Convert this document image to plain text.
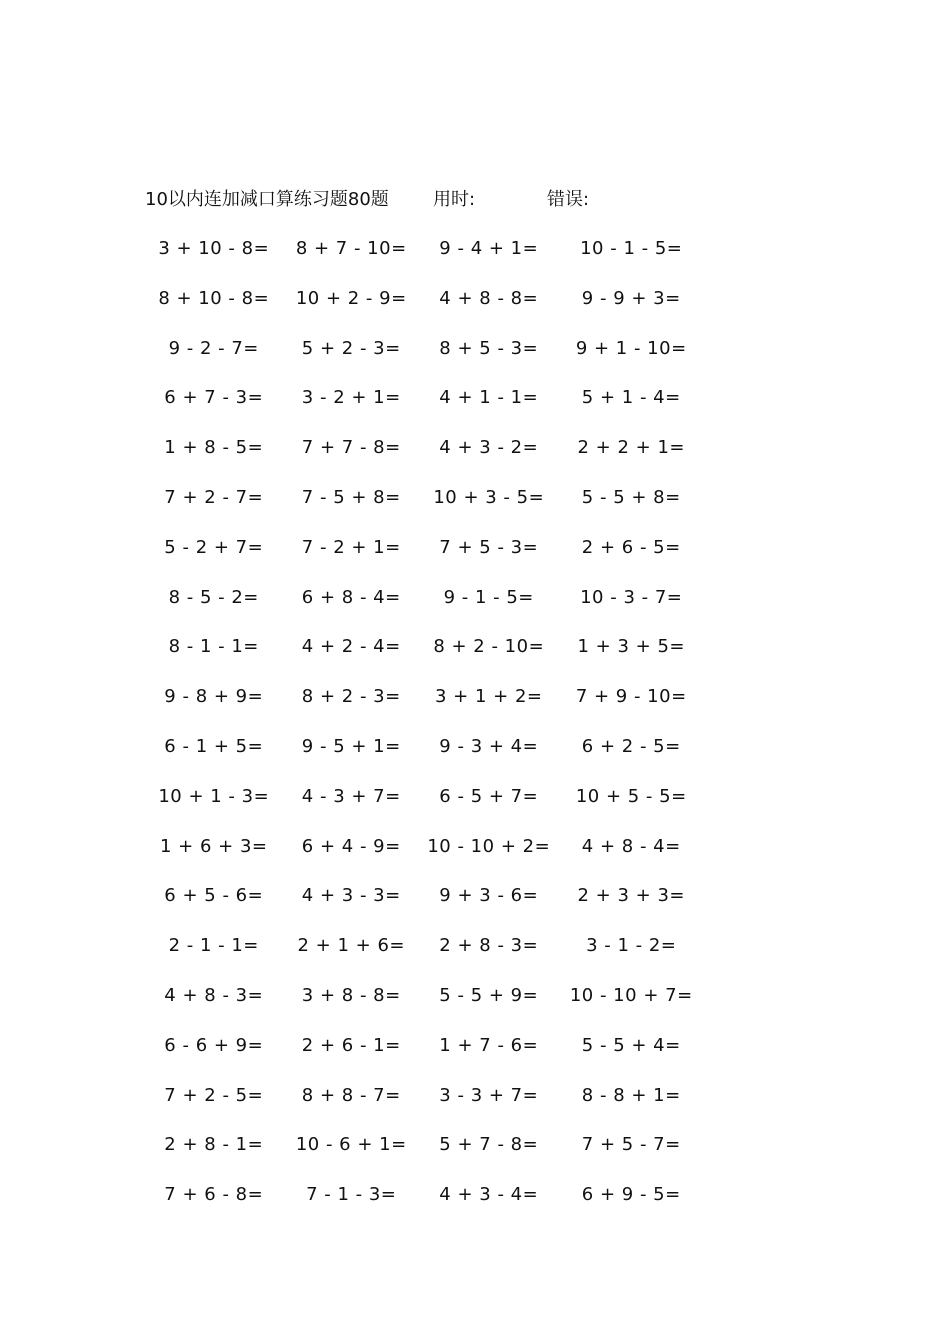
10以内连加减口算练习题80题 用时:	错误:
3 + 10 - 8=	8 + 7 - 10=	9 - 4 + 1=	10 - 1 - 5=
8 + 10 - 8=	10 + 2 - 9=	4 + 8 - 8=	9 - 9 + 3=
9 - 2 - 7=	5 + 2 - 3=	8 + 5 - 3=	9 + 1 - 10=
6 + 7 - 3=	3 - 2 + 1=	4 + 1 - 1=	5 + 1 - 4=
1 + 8 - 5=	7 + 7 - 8=	4 + 3 - 2=	2 + 2 + 1=
7 + 2 - 7=	7 - 5 + 8=	10 + 3 - 5=	5 - 5 + 8=
5 - 2 + 7=	7 - 2 + 1=	7 + 5 - 3=	2 + 6 - 5=
8 - 5 - 2=	6 + 8 - 4=	9 - 1 - 5=	10 - 3 - 7=
8 - 1 - 1=	4 + 2 - 4=	8 + 2 - 10=	1 + 3 + 5=
9 - 8 + 9=	8 + 2 - 3=	3 + 1 + 2=	7 + 9 - 10=
6 - 1 + 5=	9 - 5 + 1=	9 - 3 + 4=	6 + 2 - 5=
10 + 1 - 3=	4 - 3 + 7=	6 - 5 + 7=	10 + 5 - 5=
1 + 6 + 3=	6 + 4 - 9=	10 - 10 + 2=	4 + 8 - 4=
6 + 5 - 6=	4 + 3 - 3=	9 + 3 - 6=	2 + 3 + 3=
2 - 1 - 1=	2 + 1 + 6=	2 + 8 - 3=	3 - 1 - 2=
4 + 8 - 3=	3 + 8 - 8=	5 - 5 + 9=	10 - 10 + 7=
6 - 6 + 9=	2 + 6 - 1=	1 + 7 - 6=	5 - 5 + 4=
7 + 2 - 5=	8 + 8 - 7=	3 - 3 + 7=	8 - 8 + 1=
2 + 8 - 1=	10 - 6 + 1=	5 + 7 - 8=	7 + 5 - 7=
7 + 6 - 8=	7 - 1 - 3=	4 + 3 - 4=	6 + 9 - 5=
